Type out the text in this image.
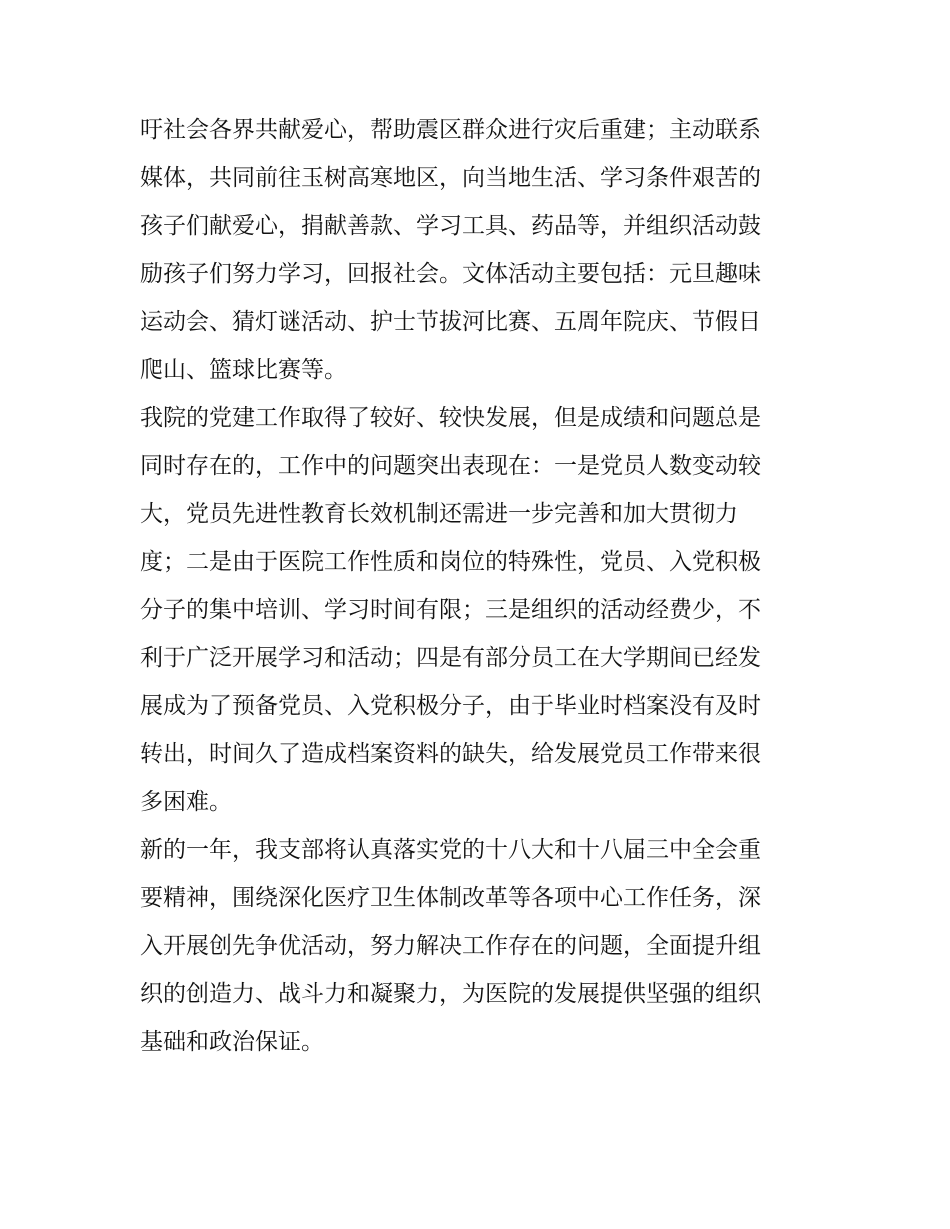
吁社会各界共献爱心，帮助震区群众进行灾后重建；主动联系
媒体，共同前往玉树高寒地区，向当地生活、学习条件艰苦的
孩子们献爱心，捐献善款、学习工具、药品等，并组织活动鼓
励孩子们努力学习，回报社会。文体活动主要包括：元旦趣味
运动会、猜灯谜活动、护士节拔河比赛、五周年院庆、节假日
爬山、篮球比赛等。
我院的党建工作取得了较好、较快发展，但是成绩和问题总是
同时存在的，工作中的问题突出表现在：一是党员人数变动较
大，党员先进性教育长效机制还需进一步完善和加大贯彻力
度；二是由于医院工作性质和岗位的特殊性，党员、入党积极
分子的集中培训、学习时间有限；三是组织的活动经费少，不
利于广泛开展学习和活动；四是有部分员工在大学期间已经发
展成为了预备党员、入党积极分子，由于毕业时档案没有及时
转出，时间久了造成档案资料的缺失，给发展党员工作带来很
多困难。
新的一年，我支部将认真落实党的十八大和十八届三中全会重
要精神，围绕深化医疗卫生体制改革等各项中心工作任务，深
入开展创先争优活动，努力解决工作存在的问题，全面提升组
织的创造力、战斗力和凝聚力，为医院的发展提供坚强的组织
基础和政治保证。
